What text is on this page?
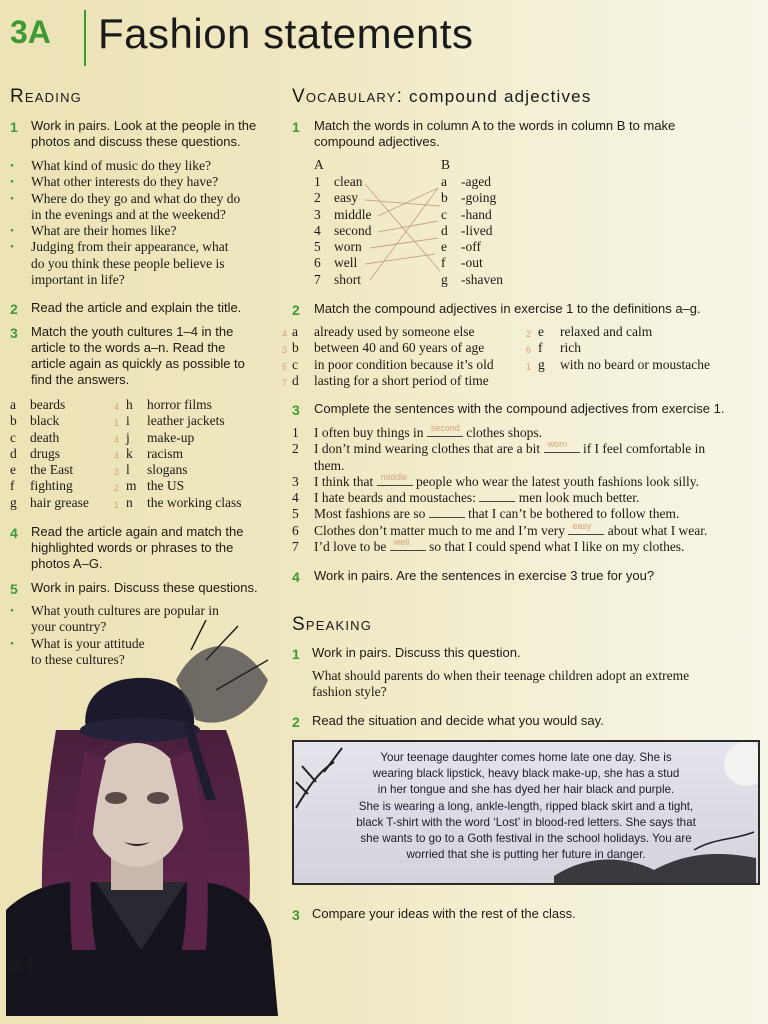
3A Fashion statements
Reading
1 Work in pairs. Look at the people in the
photos and discuss these questions.
• What kind of music do they like?
• What other interests do they have?
• Where do they go and what do they do
in the evenings and at the weekend?
• What are their homes like?
• Judging from their appearance, what
do you think these people believe is
important in life?
2 Read the article and explain the title.
3 Match the youth cultures 1–4 in the
article to the words a–n. Read the
article again as quickly as possible to
find the answers.
a beards
b black
c death
d drugs
e the East
f fighting
g hair grease
4 h horror films
1 i leather jackets
4 j make-up
4 k racism
3 l slogans
2 m the US
1 n the working class
4 Read the article again and match the
highlighted words or phrases to the
photos A–G.
5 Work in pairs. Discuss these questions.
• What youth cultures are popular in
your country?
• What is your attitude
to these cultures?
26
Vocabulary: compound adjectives
1 Match the words in column A to the words in column B to make
compound adjectives.
A	B
1 clean
2 easy
3 middle
4 second
5 worn
6 well
7 short
a -aged
b -going
c -hand
d -lived
e -off
f -out
g -shaven
2 Match the compound adjectives in exercise 1 to the definitions a–g.
4 a already used by someone else
3 b between 40 and 60 years of age
5 c in poor condition because it’s old
7 d lasting for a short period of time
2 e relaxed and calm
6 f rich
1 g with no beard or moustache
3 Complete the sentences with the compound adjectives from exercise 1.
1 I often buy things in second clothes shops.
2 I don’t mind wearing clothes that are a bit worn if I feel comfortable in
them.
3 I think that middle people who wear the latest youth fashions look silly.
4 I hate beards and moustaches:	men look much better.
5 Most fashions are so	that I can’t be bothered to follow them.
6 Clothes don’t matter much to me and I’m very easy about what I wear.
7 I’d love to be well so that I could spend what I like on my clothes.
4 Work in pairs. Are the sentences in exercise 3 true for you?
Speaking
1 Work in pairs. Discuss this question.
What should parents do when their teenage children adopt an extreme
fashion style?
2 Read the situation and decide what you would say.
Your teenage daughter comes home late one day. She is
wearing black lipstick, heavy black make-up, she has a stud
in her tongue and she has dyed her hair black and purple.
She is wearing a long, ankle-length, ripped black skirt and a tight,
black T-shirt with the word ‘Lost’ in blood-red letters. She says that
she wants to go to a Goth festival in the school holidays. You are
worried that she is putting her future in danger.
3 Compare your ideas with the rest of the class.
